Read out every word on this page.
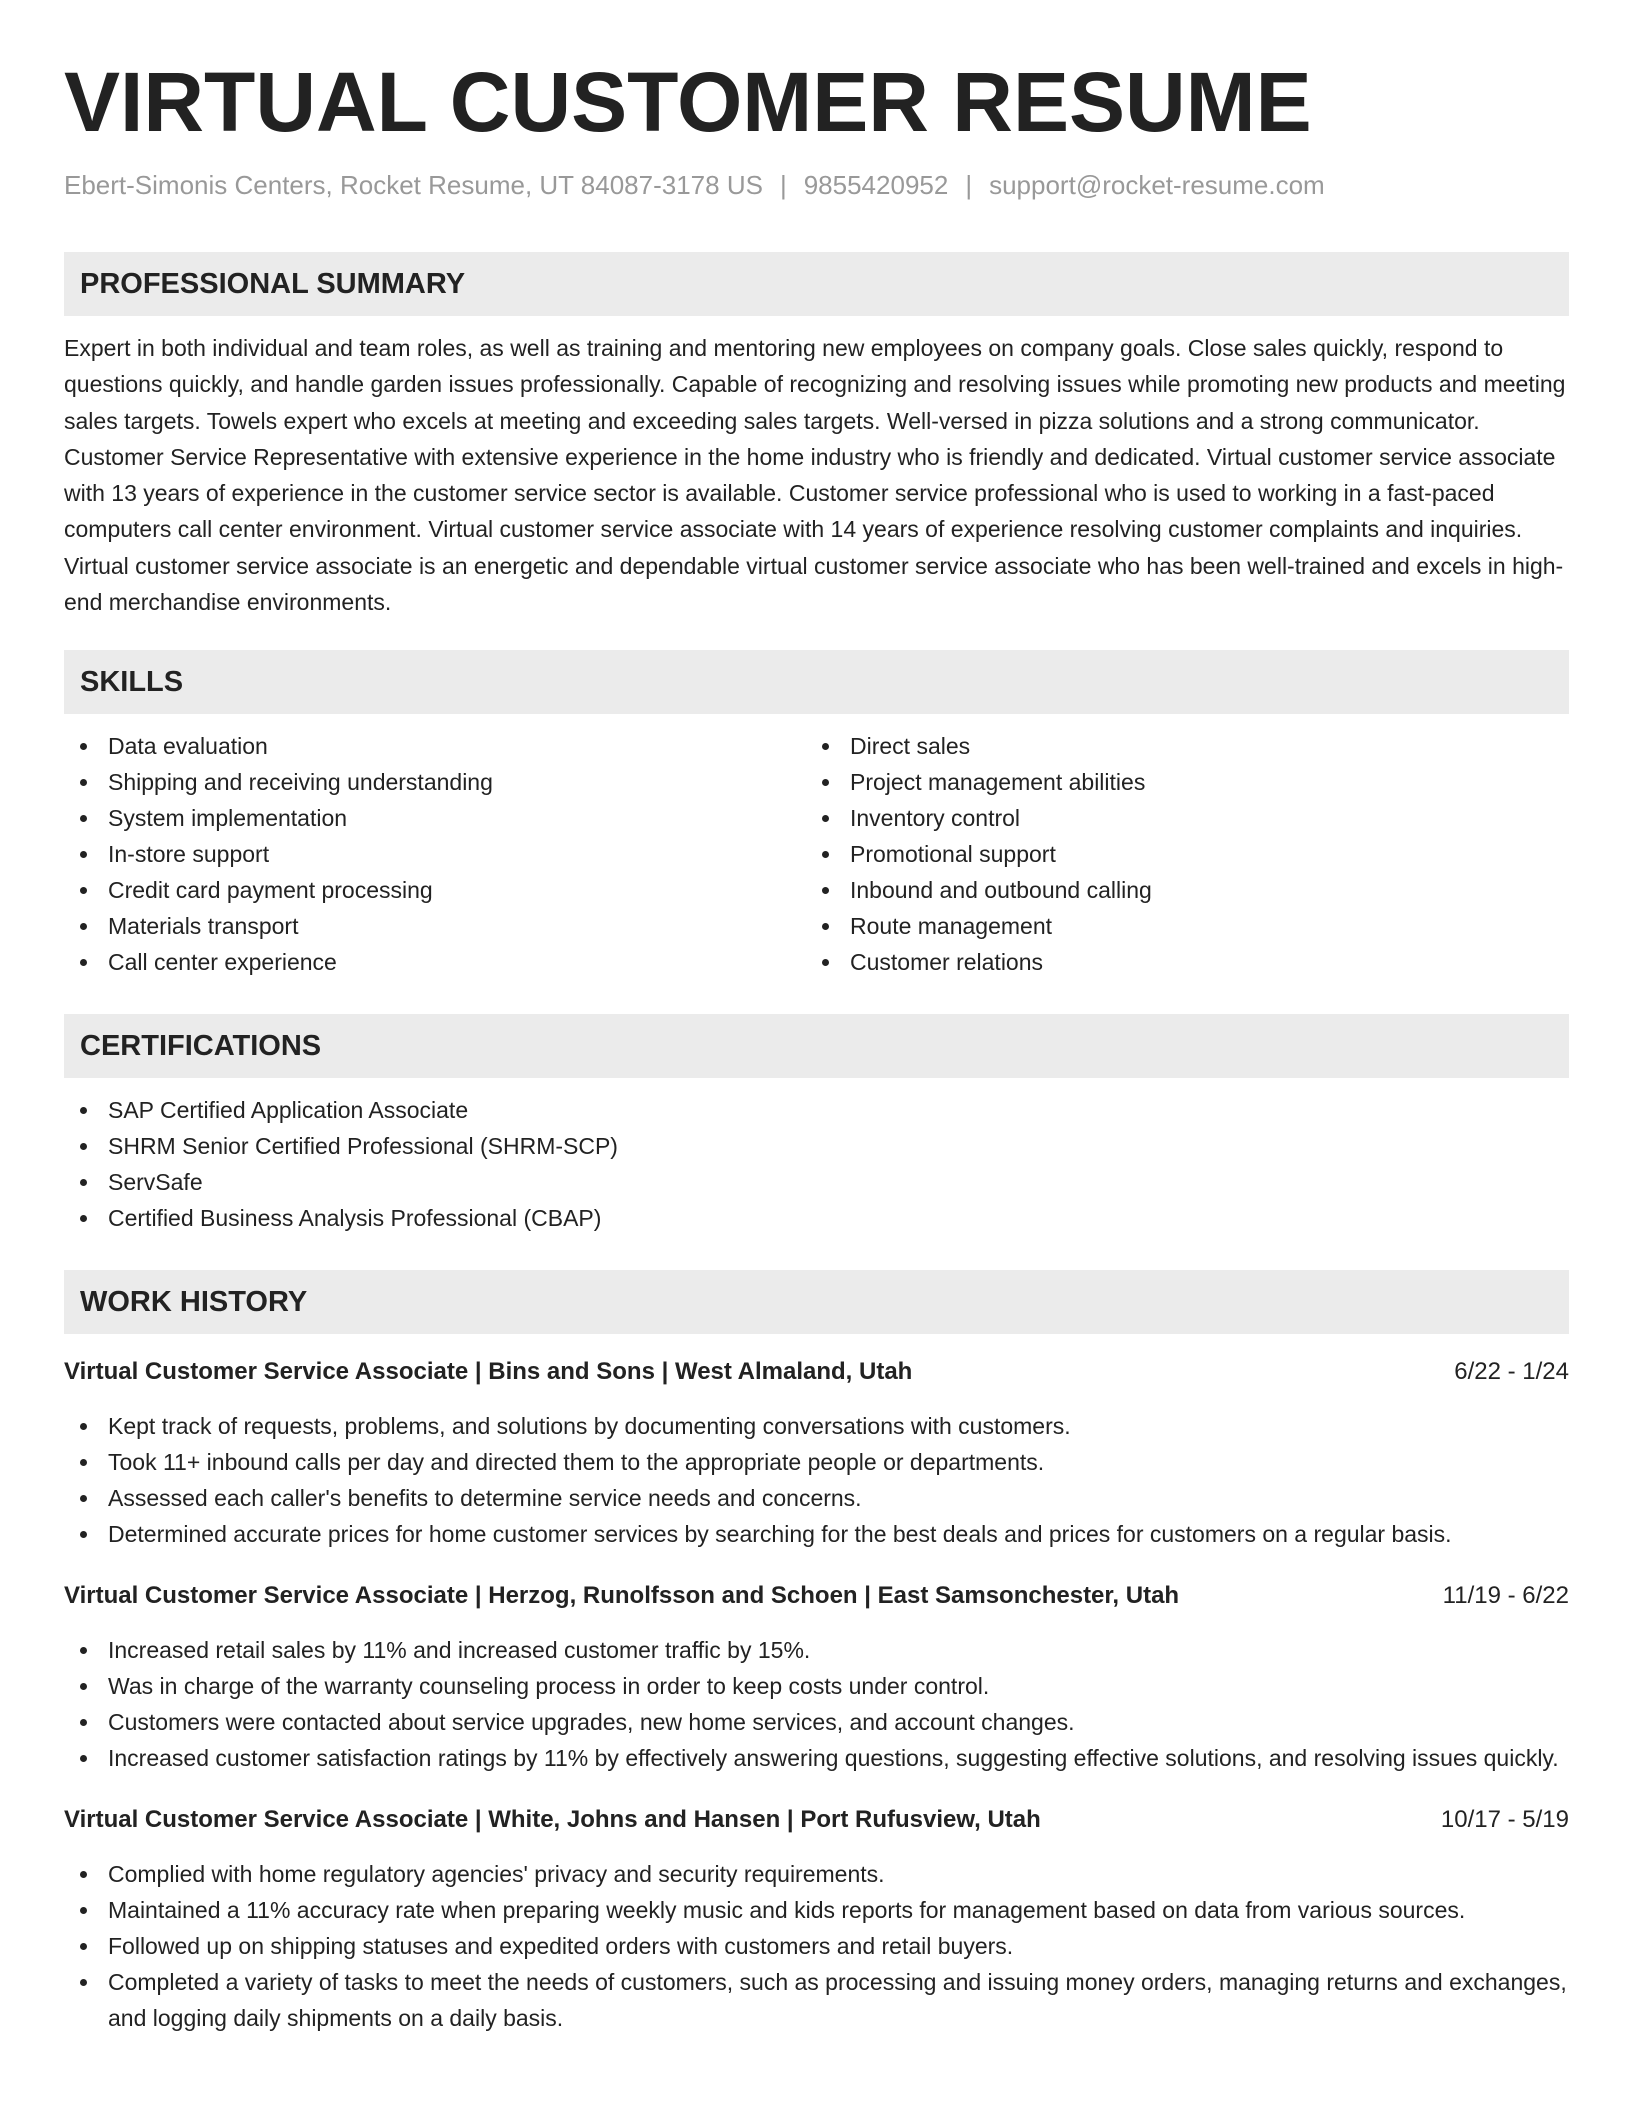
VIRTUAL CUSTOMER RESUME
Ebert-Simonis Centers, Rocket Resume, UT 84087-3178 US | 9855420952 | support@rocket-resume.com
PROFESSIONAL SUMMARY

Expert in both individual and team roles, as well as training and mentoring new employees on company goals. Close sales quickly, respond to questions quickly, and handle garden issues professionally. Capable of recognizing and resolving issues while promoting new products and meeting sales targets. Towels expert who excels at meeting and exceeding sales targets. Well-versed in pizza solutions and a strong communicator. Customer Service Representative with extensive experience in the home industry who is friendly and dedicated. Virtual customer service associate with 13 years of experience in the customer service sector is available. Customer service professional who is used to working in a fast-paced computers call center environment. Virtual customer service associate with 14 years of experience resolving customer complaints and inquiries. Virtual customer service associate is an energetic and dependable virtual customer service associate who has been well-trained and excels in high-end merchandise environments.

SKILLS
Data evaluation
Shipping and receiving understanding
System implementation
In-store support
Credit card payment processing
Materials transport
Call center experience
Direct sales
Project management abilities
Inventory control
Promotional support
Inbound and outbound calling
Route management
Customer relations
CERTIFICATIONS
SAP Certified Application Associate
SHRM Senior Certified Professional (SHRM-SCP)
ServSafe
Certified Business Analysis Professional (CBAP)
WORK HISTORY
Virtual Customer Service Associate | Bins and Sons | West Almaland, Utah	6/22 - 1/24
Kept track of requests, problems, and solutions by documenting conversations with customers.
Took 11+ inbound calls per day and directed them to the appropriate people or departments.
Assessed each caller's benefits to determine service needs and concerns.
Determined accurate prices for home customer services by searching for the best deals and prices for customers on a regular basis.
Virtual Customer Service Associate | Herzog, Runolfsson and Schoen | East Samsonchester, Utah	11/19 - 6/22
Increased retail sales by 11% and increased customer traffic by 15%.
Was in charge of the warranty counseling process in order to keep costs under control.
Customers were contacted about service upgrades, new home services, and account changes.
Increased customer satisfaction ratings by 11% by effectively answering questions, suggesting effective solutions, and resolving issues quickly.
Virtual Customer Service Associate | White, Johns and Hansen | Port Rufusview, Utah	10/17 - 5/19
Complied with home regulatory agencies' privacy and security requirements.
Maintained a 11% accuracy rate when preparing weekly music and kids reports for management based on data from various sources.
Followed up on shipping statuses and expedited orders with customers and retail buyers.
Completed a variety of tasks to meet the needs of customers, such as processing and issuing money orders, managing returns and exchanges, and logging daily shipments on a daily basis.
